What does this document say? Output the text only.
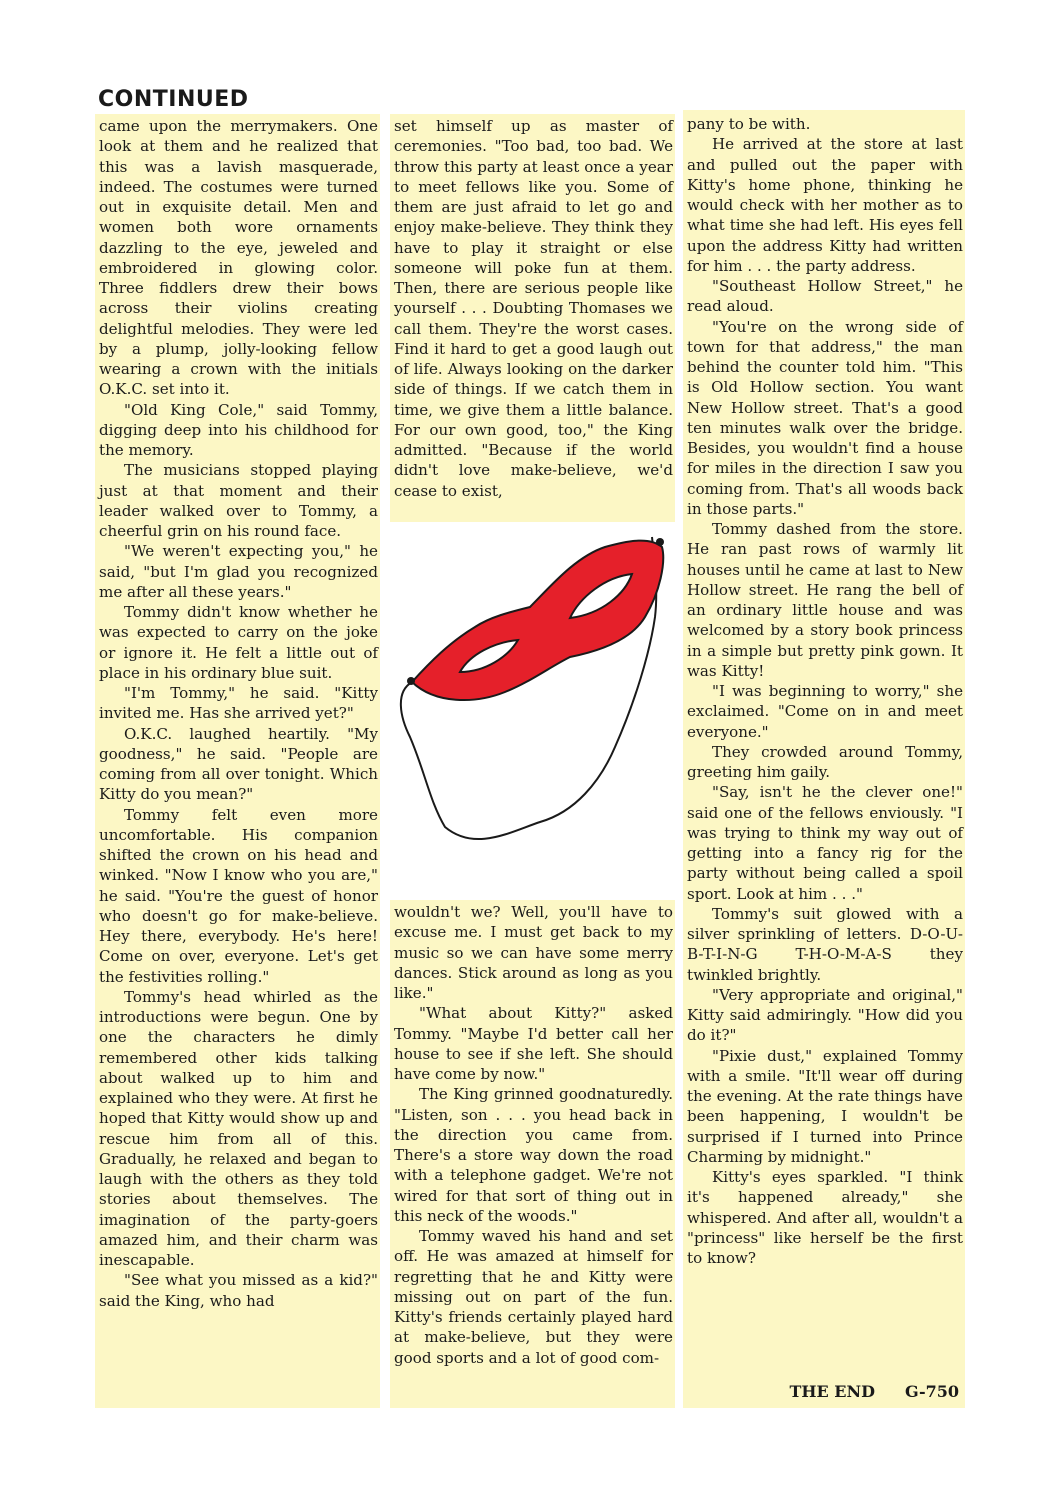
CONTINUED

came upon the merrymakers. One look at them and he realized that this was a lavish masquerade, indeed. The costumes were turned out in exquisite detail. Men and women both wore ornaments dazzling to the eye, jeweled and embroidered in glowing color. Three fiddlers drew their bows across their violins creating delightful melodies. They were led by a plump, jolly-looking fellow wearing a crown with the initials O.K.C. set into it.

"Old King Cole," said Tommy, digging deep into his childhood for the memory.

The musicians stopped playing just at that moment and their leader walked over to Tommy, a cheerful grin on his round face.

"We weren't expecting you," he said, "but I'm glad you recognized me after all these years."

Tommy didn't know whether he was expected to carry on the joke or ignore it. He felt a little out of place in his ordinary blue suit.

"I'm Tommy," he said. "Kitty invited me. Has she arrived yet?"

O.K.C. laughed heartily. "My goodness," he said. "People are coming from all over tonight. Which Kitty do you mean?"

Tommy felt even more uncomfortable. His companion shifted the crown on his head and winked. "Now I know who you are," he said. "You're the guest of honor who doesn't go for make-believe. Hey there, everybody. He's here! Come on over, everyone. Let's get the festivities rolling."

Tommy's head whirled as the introductions were begun. One by one the characters he dimly remembered other kids talking about walked up to him and explained who they were. At first he hoped that Kitty would show up and rescue him from all of this. Gradually, he relaxed and began to laugh with the others as they told stories about themselves. The imagination of the party-goers amazed him, and their charm was inescapable.

"See what you missed as a kid?" said the King, who had

set himself up as master of ceremonies. "Too bad, too bad. We throw this party at least once a year to meet fellows like you. Some of them are just afraid to let go and enjoy make-believe. They think they have to play it straight or else someone will poke fun at them. Then, there are serious people like yourself . . . Doubting Thomases we call them. They're the worst cases. Find it hard to get a good laugh out of life. Always looking on the darker side of things. If we catch them in time, we give them a little balance. For our own good, too," the King admitted. "Because if the world didn't love make-believe, we'd cease to exist,

wouldn't we? Well, you'll have to excuse me. I must get back to my music so we can have some merry dances. Stick around as long as you like."

"What about Kitty?" asked Tommy. "Maybe I'd better call her house to see if she left. She should have come by now."

The King grinned goodnaturedly. "Listen, son . . . you head back in the direction you came from. There's a store way down the road with a telephone gadget. We're not wired for that sort of thing out in this neck of the woods."

Tommy waved his hand and set off. He was amazed at himself for regretting that he and Kitty were missing out on part of the fun. Kitty's friends certainly played hard at make-believe, but they were good sports and a lot of good com-

pany to be with.

He arrived at the store at last and pulled out the paper with Kitty's home phone, thinking he would check with her mother as to what time she had left. His eyes fell upon the address Kitty had written for him . . . the party address.

"Southeast Hollow Street," he read aloud.

"You're on the wrong side of town for that address," the man behind the counter told him. "This is Old Hollow section. You want New Hollow street. That's a good ten minutes walk over the bridge. Besides, you wouldn't find a house for miles in the direction I saw you coming from. That's all woods back in those parts."

Tommy dashed from the store. He ran past rows of warmly lit houses until he came at last to New Hollow street. He rang the bell of an ordinary little house and was welcomed by a story book princess in a simple but pretty pink gown. It was Kitty!

"I was beginning to worry," she exclaimed. "Come on in and meet everyone."

They crowded around Tommy, greeting him gaily.

"Say, isn't he the clever one!" said one of the fellows enviously. "I was trying to think my way out of getting into a fancy rig for the party without being called a spoil sport. Look at him . . ."

Tommy's suit glowed with a silver sprinkling of letters. D-O-U-B-T-I-N-G T-H-O-M-A-S they twinkled brightly.

"Very appropriate and original," Kitty said admiringly. "How did you do it?"

"Pixie dust," explained Tommy with a smile. "It'll wear off during the evening. At the rate things have been happening, I wouldn't be surprised if I turned into Prince Charming by midnight."

Kitty's eyes sparkled. "I think it's happened already," she whispered. And after all, wouldn't a "princess" like herself be the first to know?

THE END G-750
